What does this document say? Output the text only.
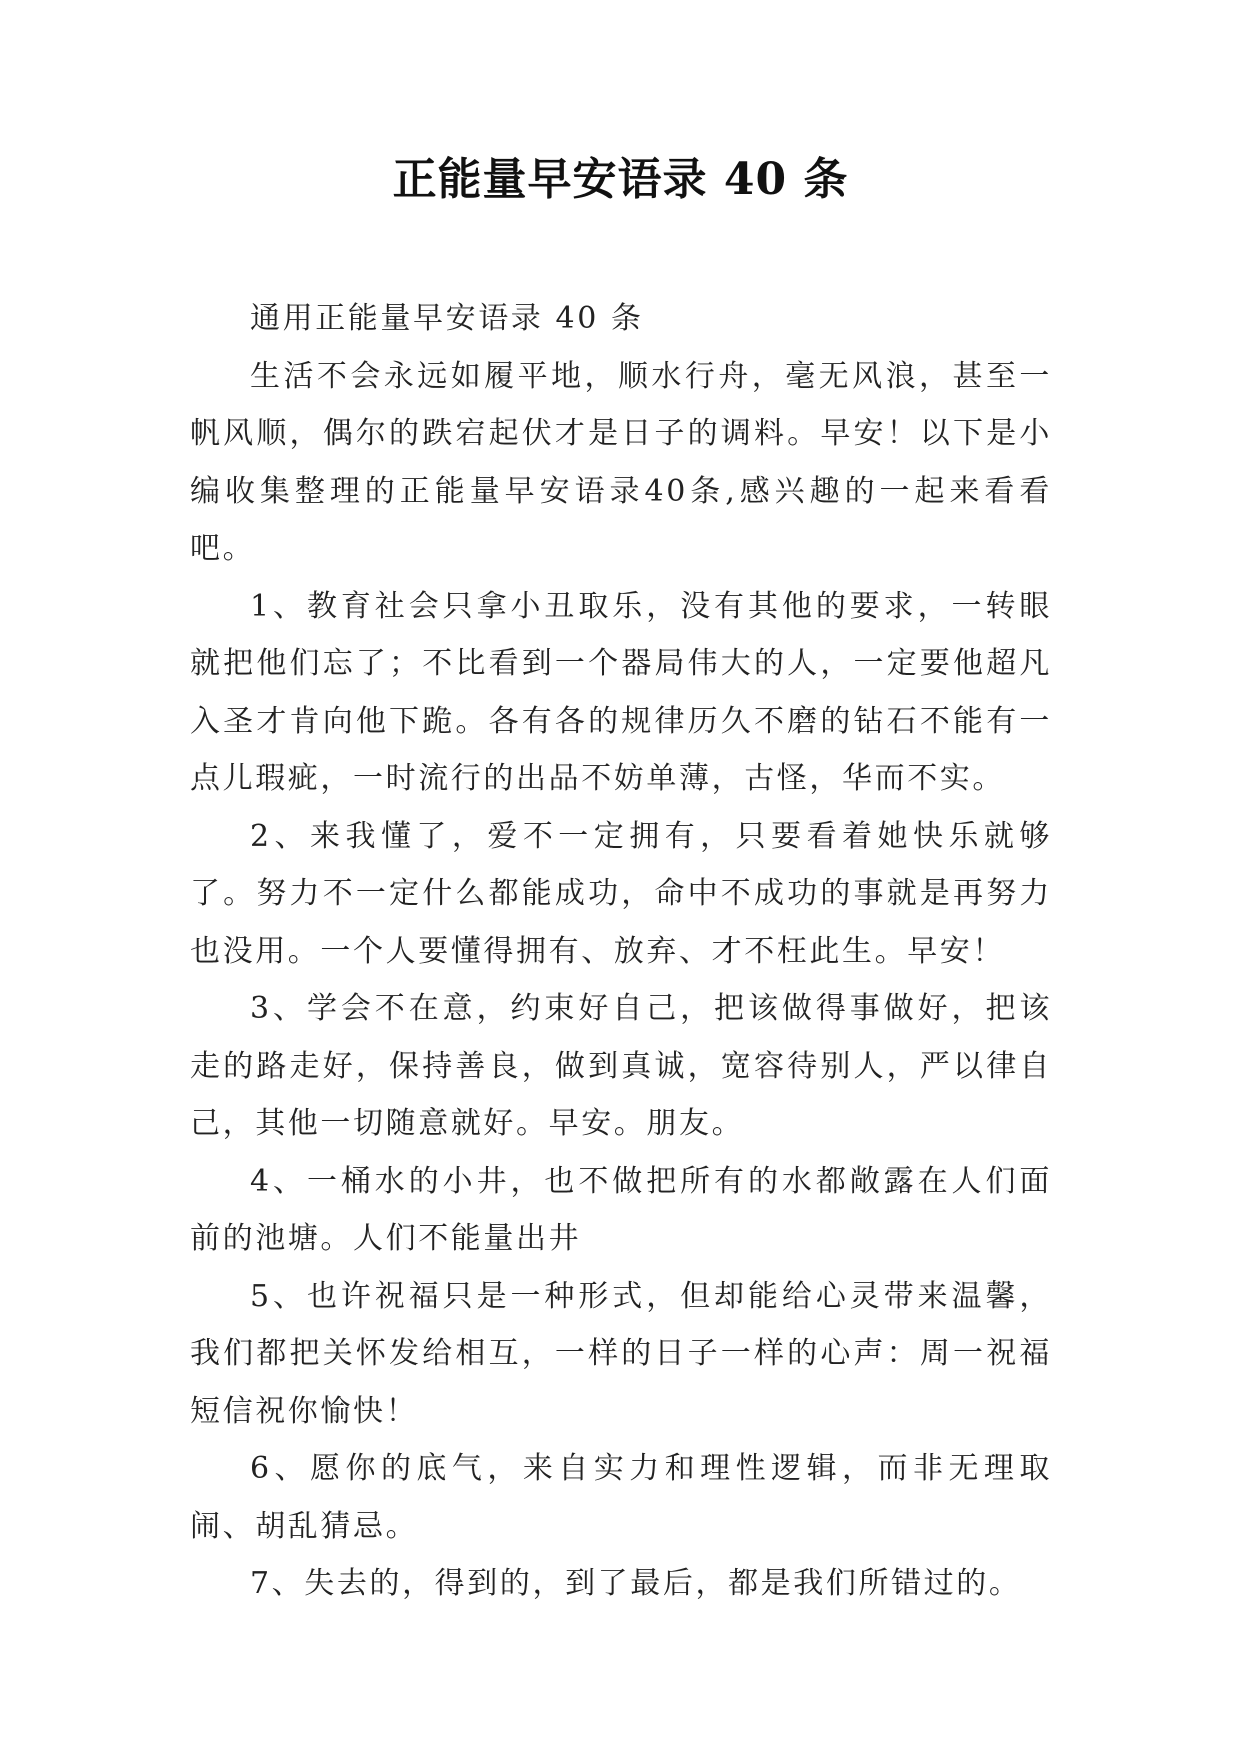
正能量早安语录 40 条

通用正能量早安语录 40 条

生活不会永远如履平地，顺水行舟，毫无风浪，甚至一帆风顺，偶尔的跌宕起伏才是日子的调料。早安！以下是小编收集整理的正能量早安语录40条,感兴趣的一起来看看吧。

1、教育社会只拿小丑取乐，没有其他的要求，一转眼就把他们忘了；不比看到一个器局伟大的人，一定要他超凡入圣才肯向他下跪。各有各的规律历久不磨的钻石不能有一点儿瑕疵，一时流行的出品不妨单薄，古怪，华而不实。

2、来我懂了，爱不一定拥有，只要看着她快乐就够了。努力不一定什么都能成功，命中不成功的事就是再努力也没用。一个人要懂得拥有、放弃、才不枉此生。早安！

3、学会不在意，约束好自己，把该做得事做好，把该走的路走好，保持善良，做到真诚，宽容待别人，严以律自己，其他一切随意就好。早安。朋友。

4、一桶水的小井，也不做把所有的水都敞露在人们面前的池塘。人们不能量出井

5、也许祝福只是一种形式，但却能给心灵带来温馨，我们都把关怀发给相互，一样的日子一样的心声：周一祝福短信祝你愉快！

6、愿你的底气，来自实力和理性逻辑，而非无理取闹、胡乱猜忌。

7、失去的，得到的，到了最后，都是我们所错过的。
